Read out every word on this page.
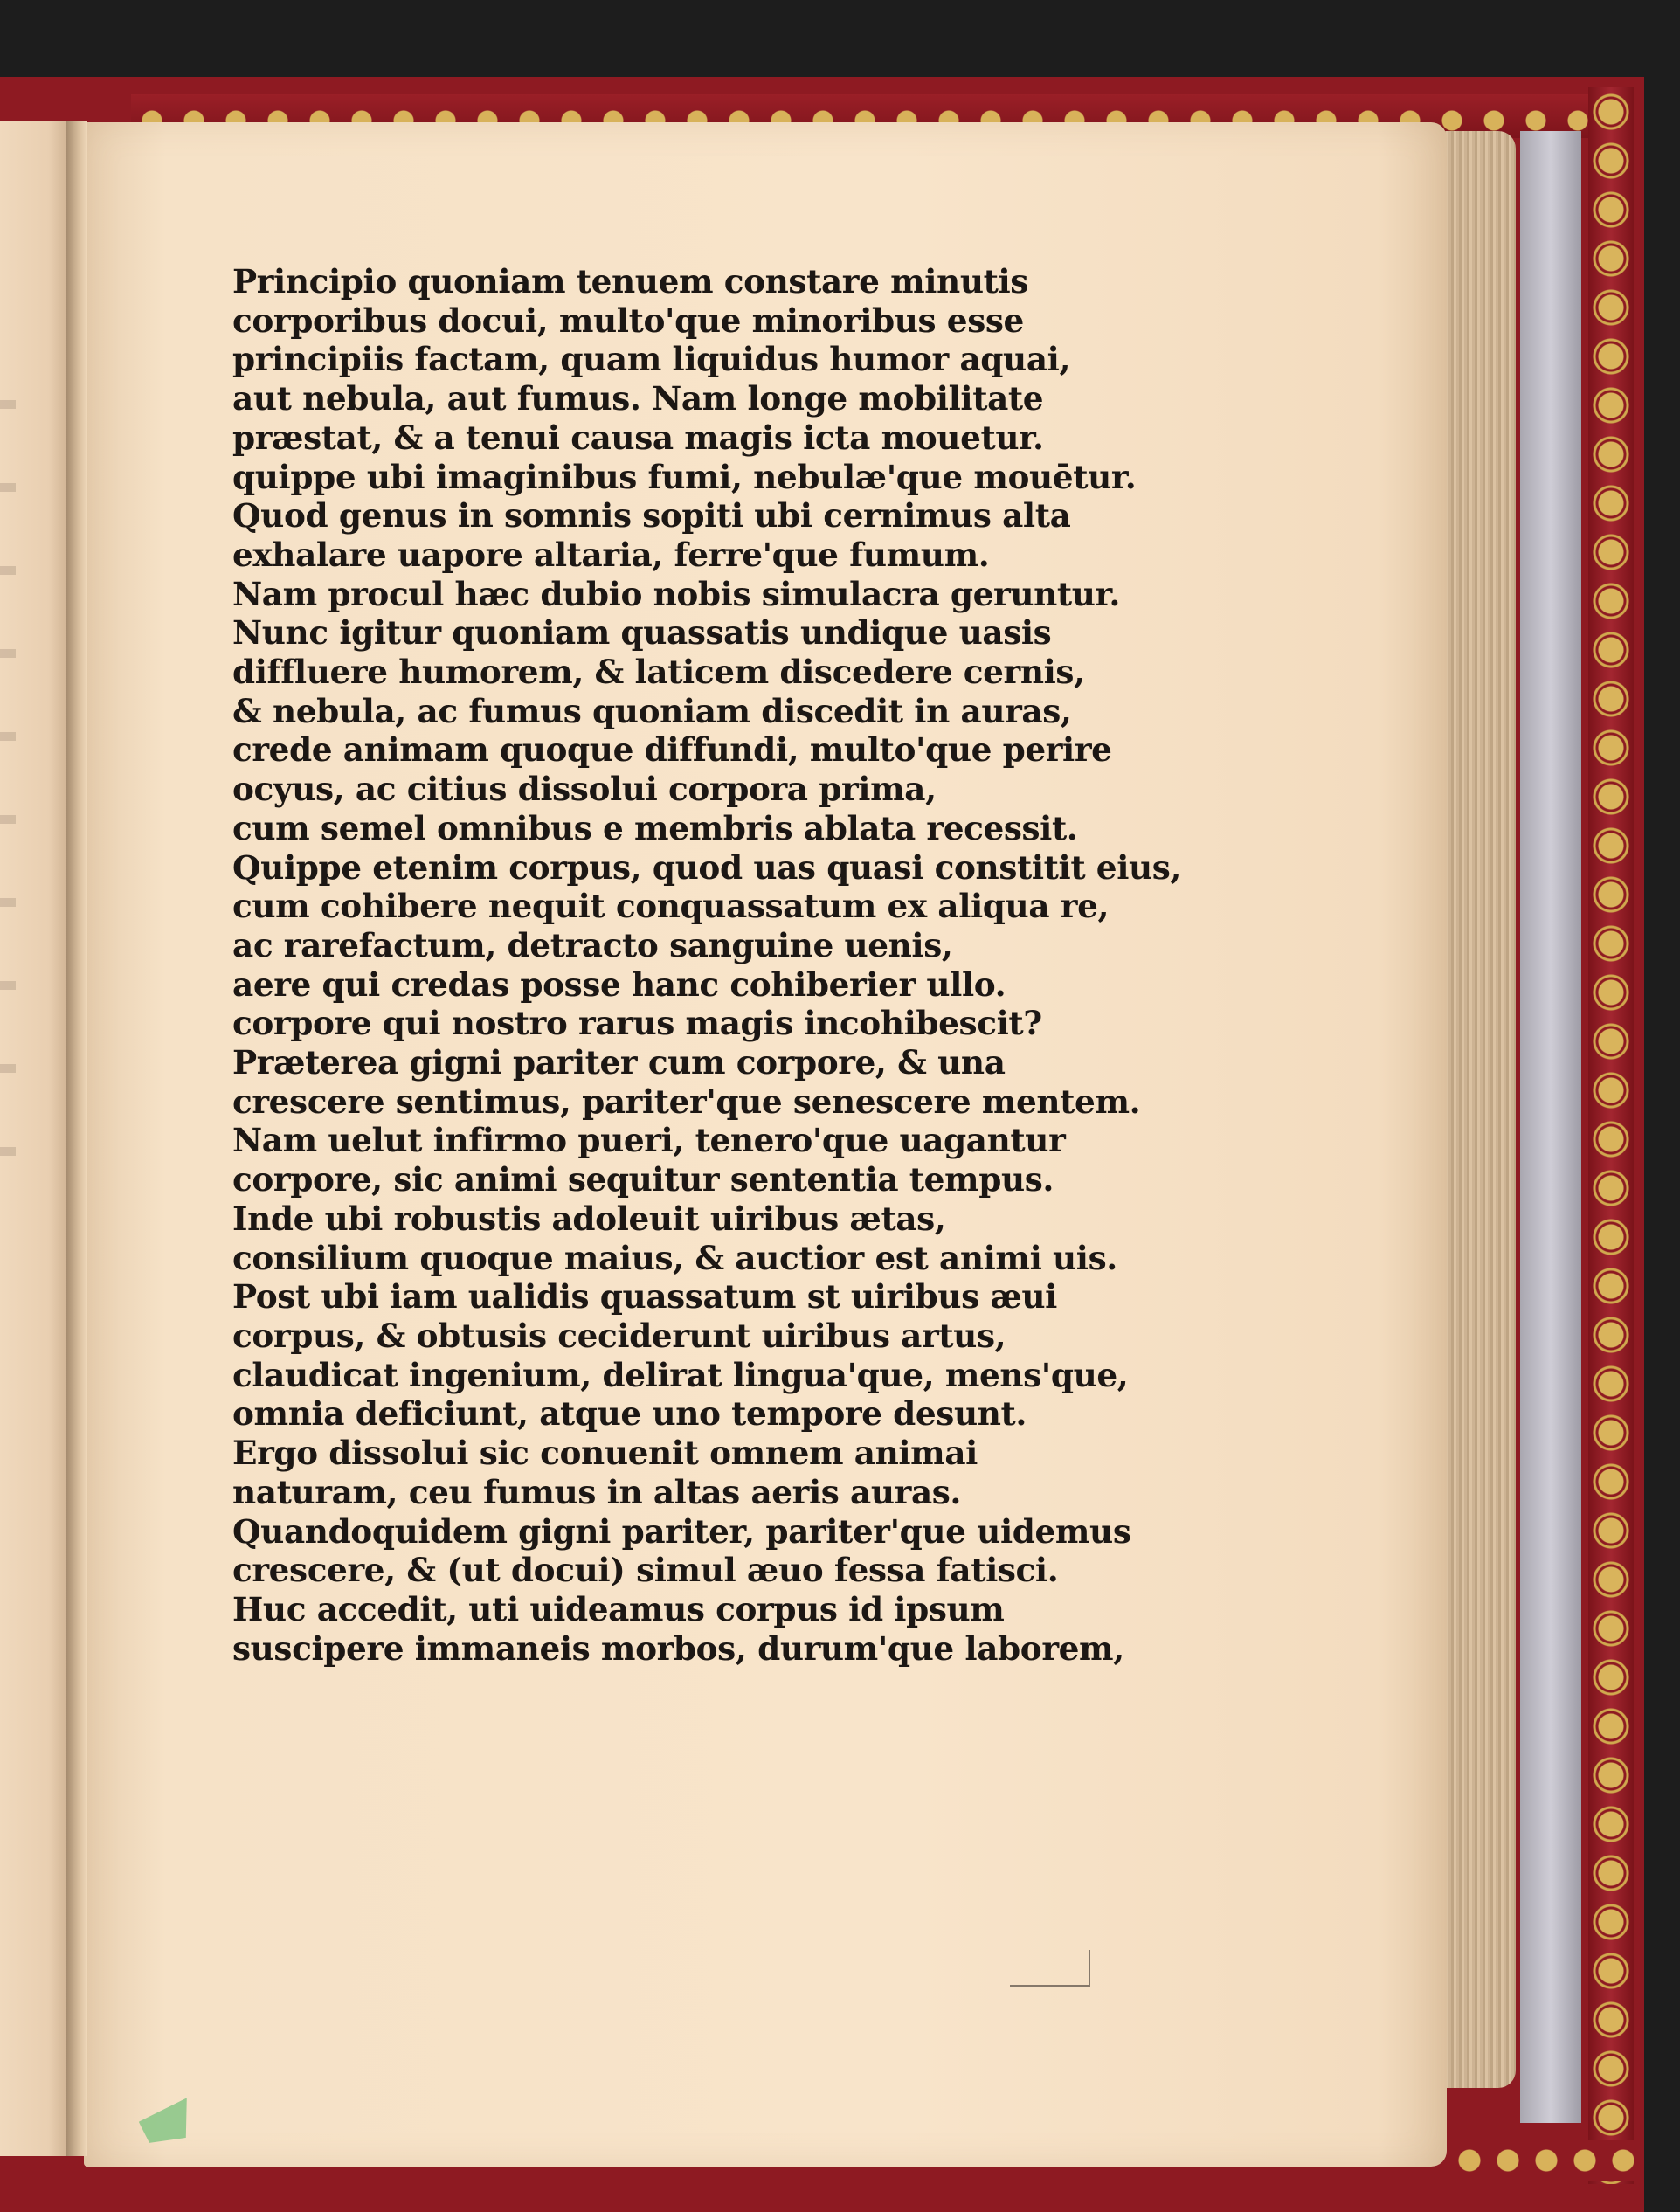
Principio quoniam tenuem constare minutis
corporibus docui, multo'que minoribus esse
principiis factam, quam liquidus humor aquai,
aut nebula, aut fumus. Nam longe mobilitate
præstat, & a tenui causa magis icta mouetur.
quippe ubi imaginibus fumi, nebulæ'que mouētur.
Quod genus in somnis sopiti ubi cernimus alta
exhalare uapore altaria, ferre'que fumum.
Nam procul hæc dubio nobis simulacra geruntur.
Nunc igitur quoniam quassatis undique uasis
diffluere humorem, & laticem discedere cernis,
& nebula, ac fumus quoniam discedit in auras,
crede animam quoque diffundi, multo'que perire
ocyus, ac citius dissolui corpora prima,
cum semel omnibus e membris ablata recessit.
Quippe etenim corpus, quod uas quasi constitit eius,
cum cohibere nequit conquassatum ex aliqua re,
ac rarefactum, detracto sanguine uenis,
aere qui credas posse hanc cohiberier ullo.
corpore qui nostro rarus magis incohibescit?
Præterea gigni pariter cum corpore, & una
crescere sentimus, pariter'que senescere mentem.
Nam uelut infirmo pueri, tenero'que uagantur
corpore, sic animi sequitur sententia tempus.
Inde ubi robustis adoleuit uiribus ætas,
consilium quoque maius, & auctior est animi uis.
Post ubi iam ualidis quassatum st uiribus æui
corpus, & obtusis ceciderunt uiribus artus,
claudicat ingenium, delirat lingua'que, mens'que,
omnia deficiunt, atque uno tempore desunt.
Ergo dissolui sic conuenit omnem animai
naturam, ceu fumus in altas aeris auras.
Quandoquidem gigni pariter, pariter'que uidemus
crescere, & (ut docui) simul æuo fessa fatisci.
Huc accedit, uti uideamus corpus id ipsum
suscipere immaneis morbos, durum'que laborem,
